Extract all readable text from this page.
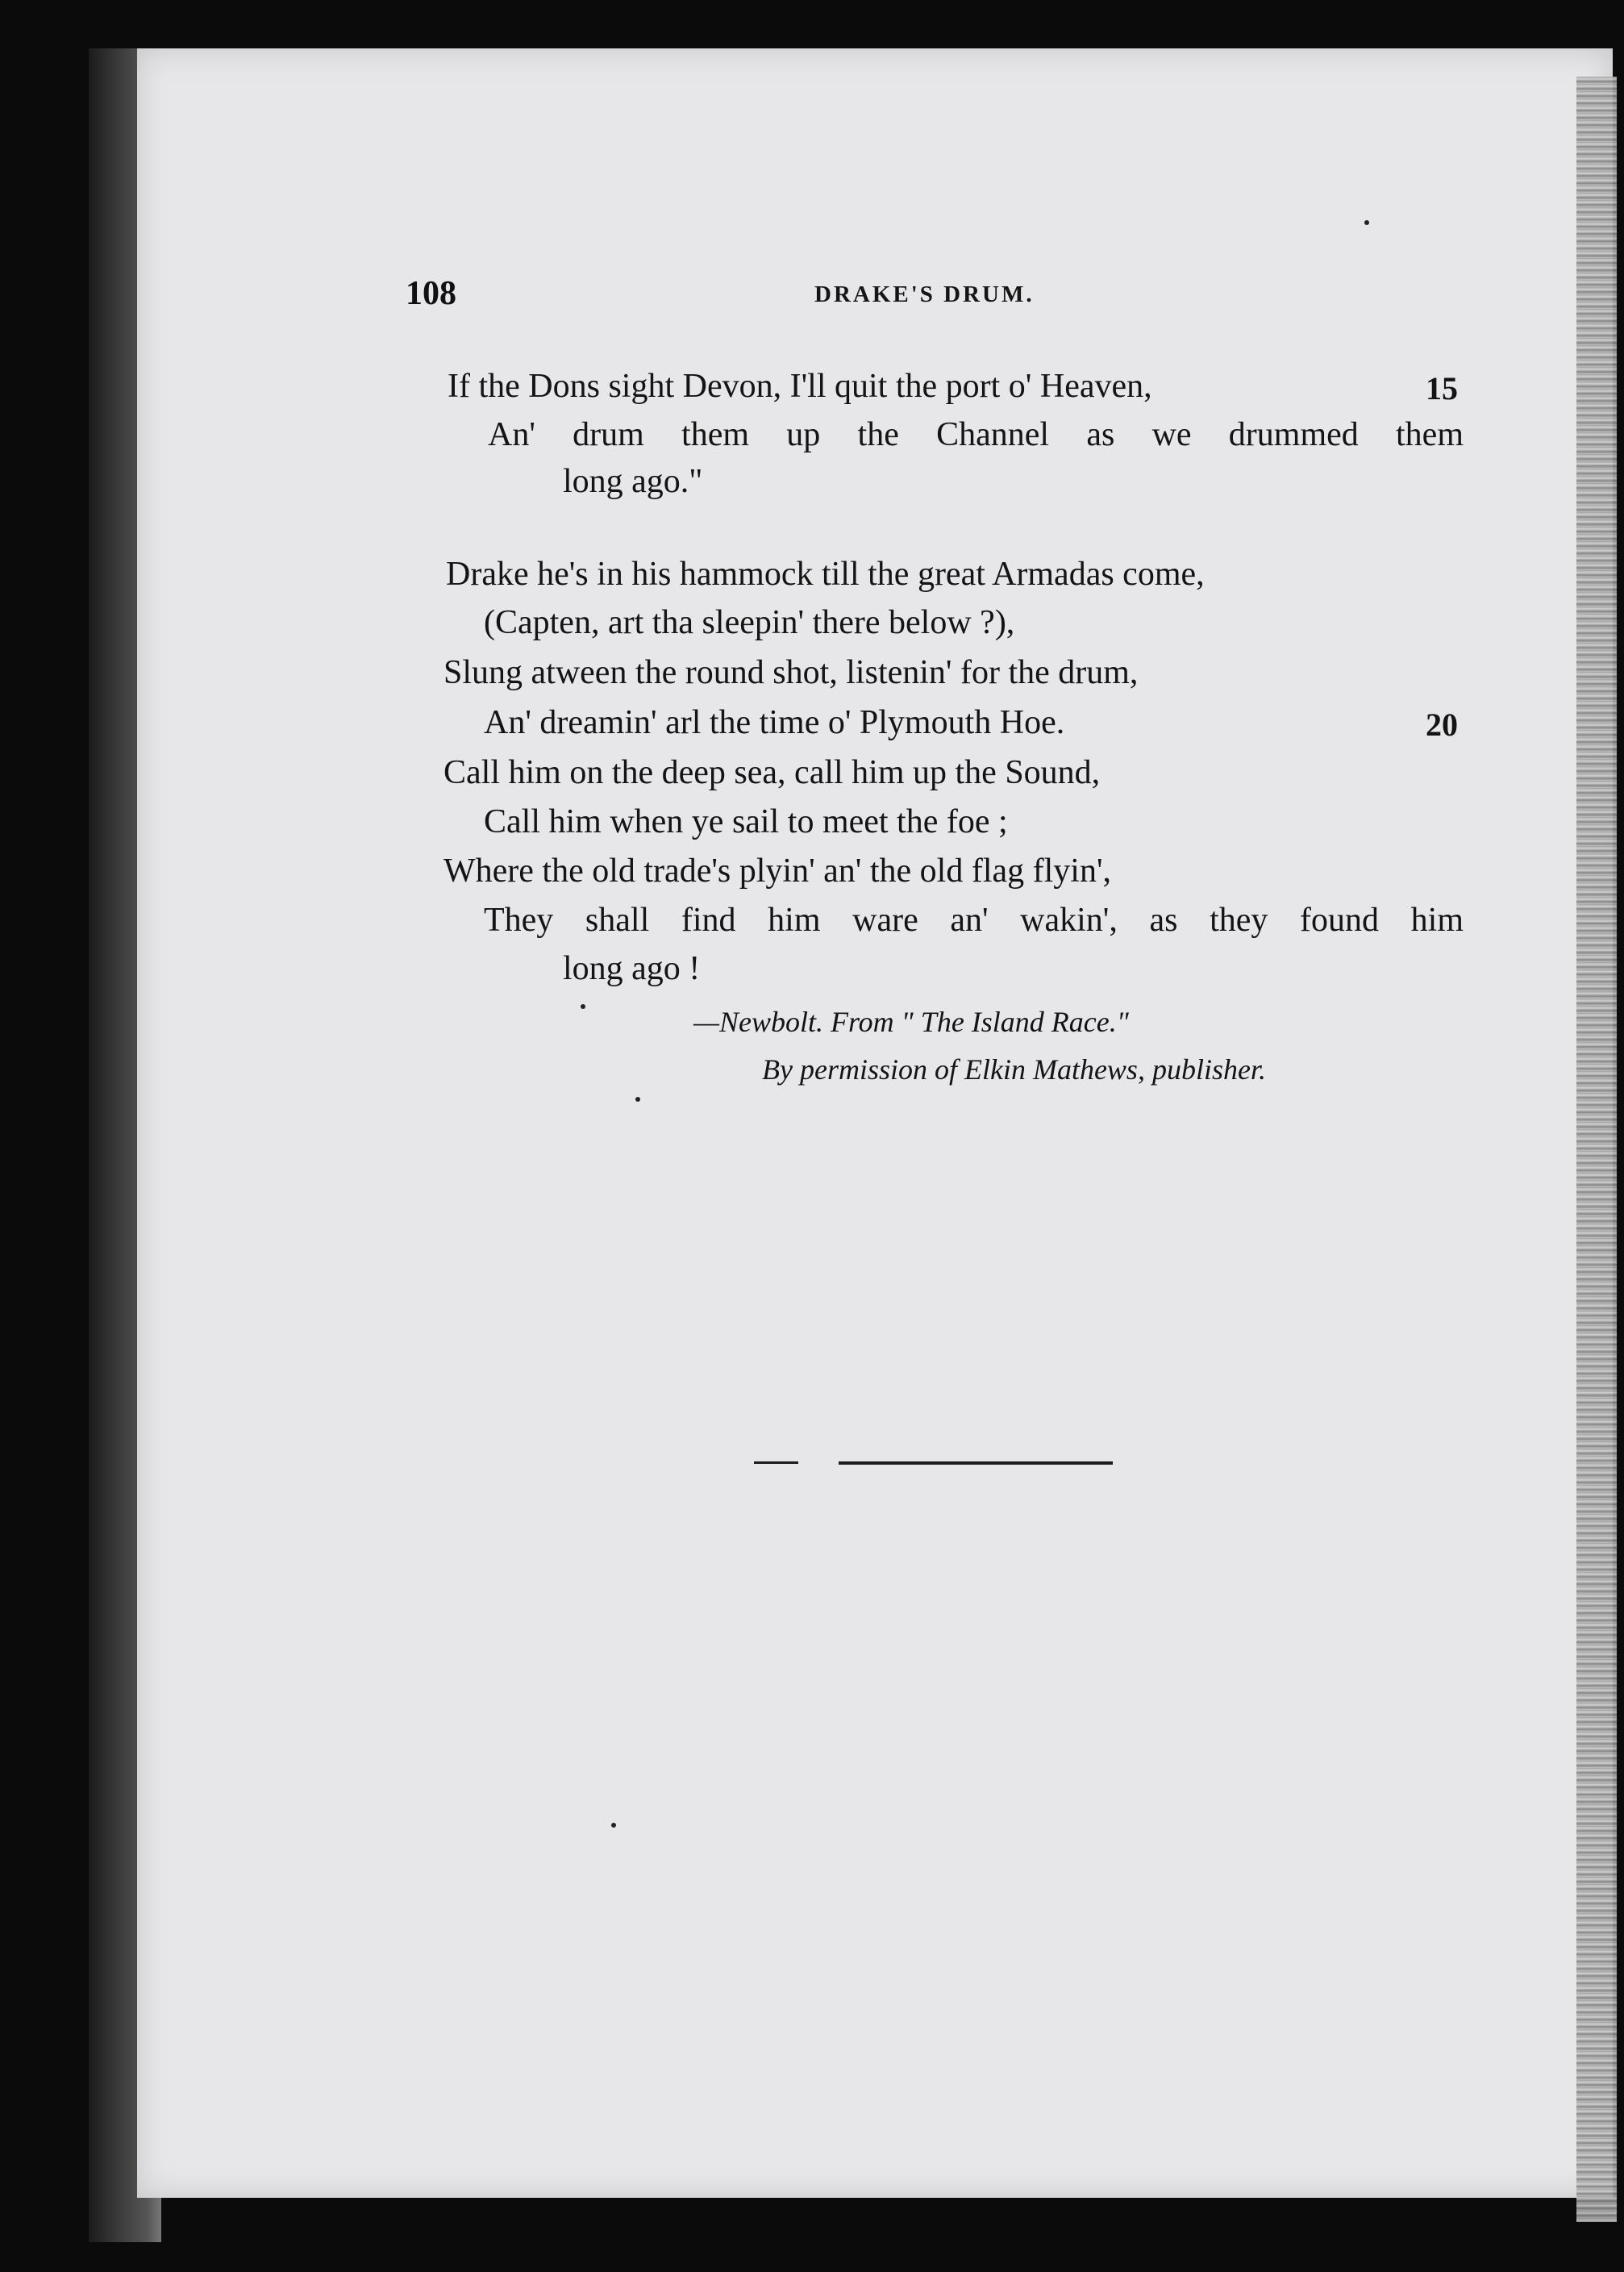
108	DRAKE'S DRUM.
If the Dons sight Devon, I'll quit the port o' Heaven,	15
An' drum them up the Channel as we drummed them
long ago."
Drake he's in his hammock till the great Armadas come,
(Capten, art tha sleepin' there below ?),
Slung atween the round shot, listenin' for the drum,
An' dreamin' arl the time o' Plymouth Hoe.	20
Call him on the deep sea, call him up the Sound,
Call him when ye sail to meet the foe ;
Where the old trade's plyin' an' the old flag flyin',
They shall find him ware an' wakin', as they found him
long ago !
—Newbolt. From " The Island Race."
By permission of Elkin Mathews, publisher.
